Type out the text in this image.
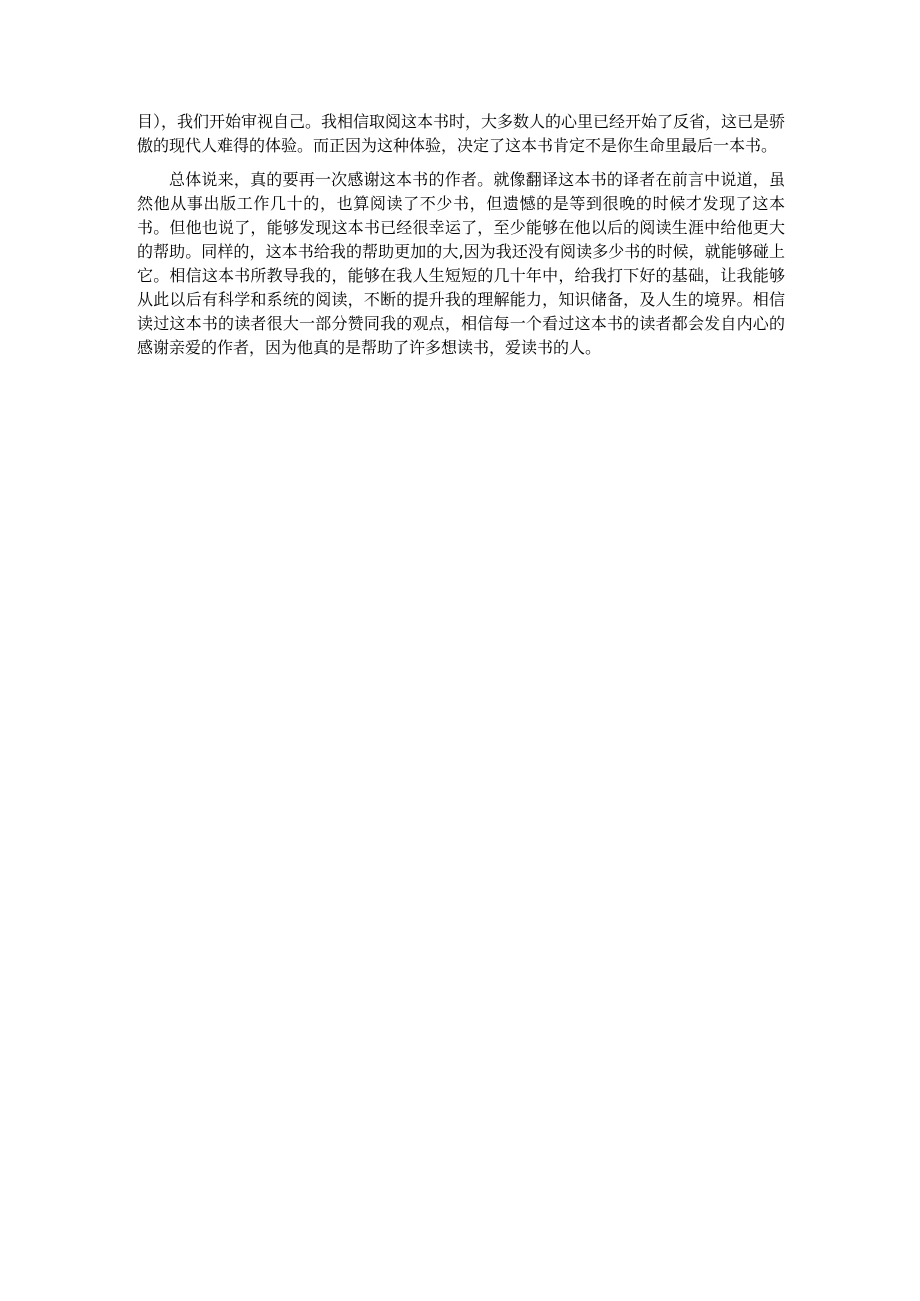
目），我们开始审视自己。我相信取阅这本书时，大多数人的心里已经开始了反省，这已是骄傲的现代人难得的体验。而正因为这种体验，决定了这本书肯定不是你生命里最后一本书。

总体说来，真的要再一次感谢这本书的作者。就像翻译这本书的译者在前言中说道，虽然他从事出版工作几十的，也算阅读了不少书，但遗憾的是等到很晚的时候才发现了这本书。但他也说了，能够发现这本书已经很幸运了，至少能够在他以后的阅读生涯中给他更大的帮助。同样的，这本书给我的帮助更加的大,因为我还没有阅读多少书的时候，就能够碰上它。相信这本书所教导我的，能够在我人生短短的几十年中，给我打下好的基础，让我能够从此以后有科学和系统的阅读，不断的提升我的理解能力，知识储备，及人生的境界。相信读过这本书的读者很大一部分赞同我的观点，相信每一个看过这本书的读者都会发自内心的感谢亲爱的作者，因为他真的是帮助了许多想读书，爱读书的人。
